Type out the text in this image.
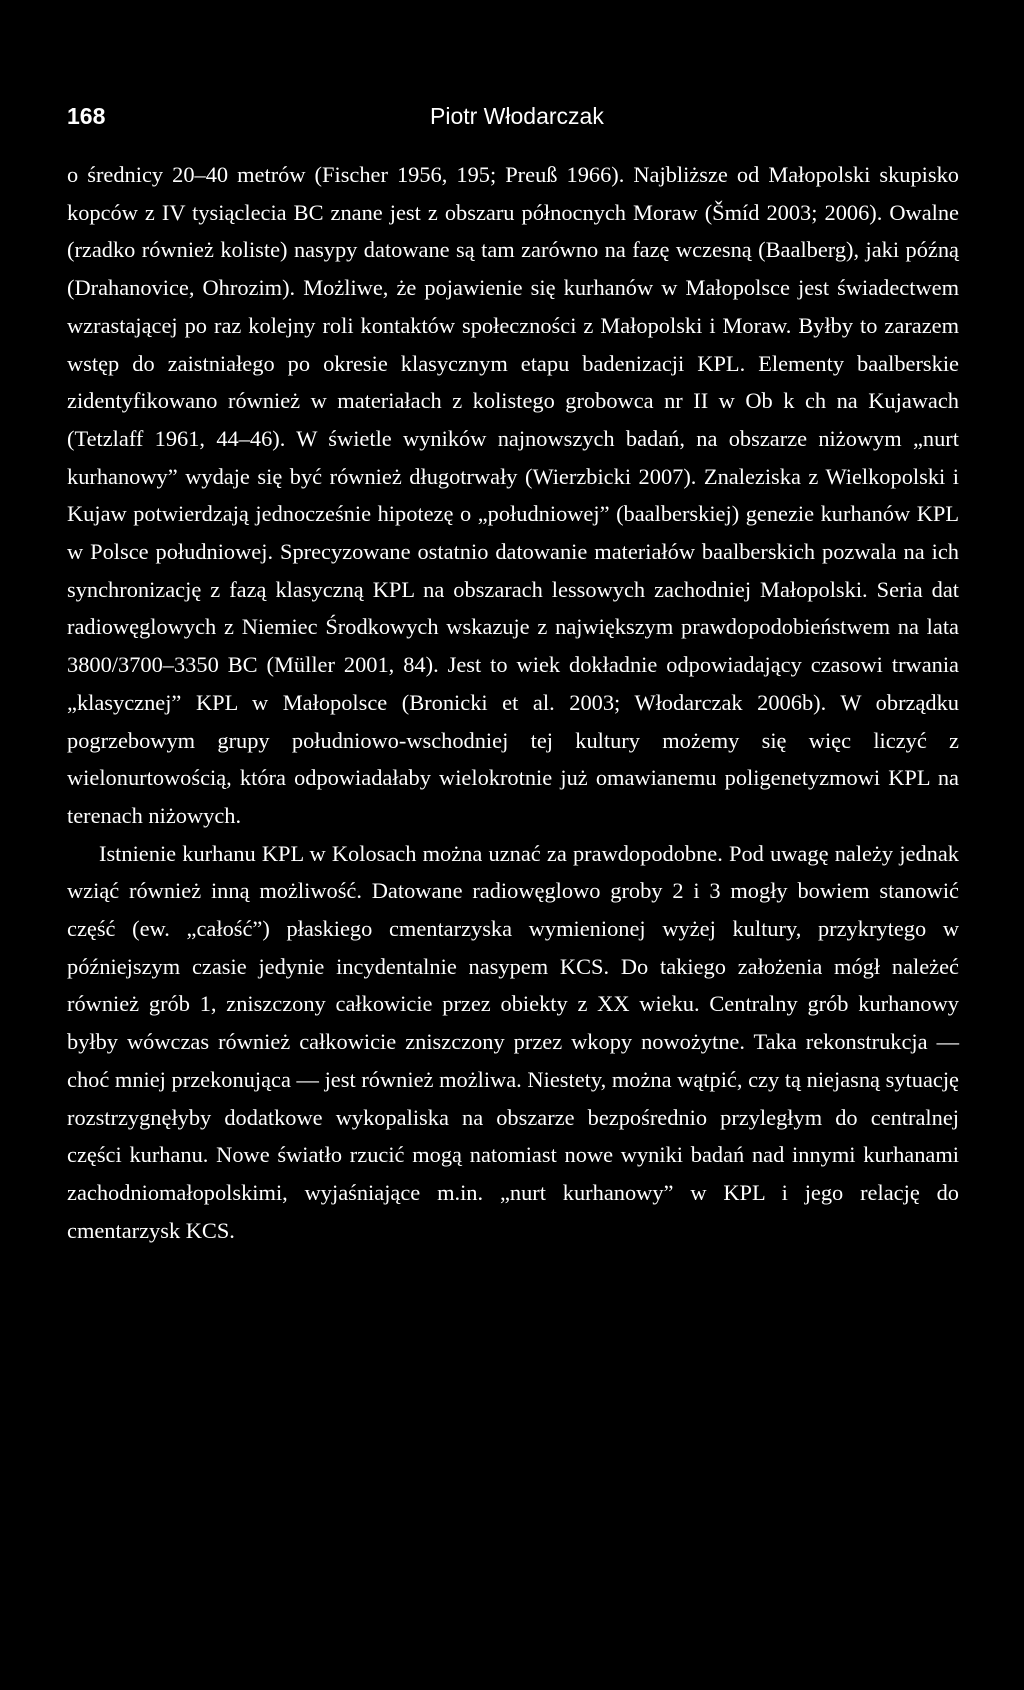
168	Piotr Włodarczak

o średnicy 20–40 metrów (Fischer 1956, 195; Preuß 1966). Najbliższe od Małopolski skupisko kopców z IV tysiąclecia BC znane jest z obszaru północnych Moraw (Šmíd 2003; 2006). Owalne (rzadko również koliste) nasypy datowane są tam zarówno na fazę wczesną (Baalberg), jaki późną (Drahanovice, Ohrozim). Możliwe, że pojawienie się kurhanów w Małopolsce jest świadectwem wzrastającej po raz kolejny roli kontaktów społeczności z Małopolski i Moraw. Byłby to zarazem wstęp do zaistniałego po okresie klasycznym etapu badenizacji KPL. Elementy baalberskie zidentyfikowano również w materiałach z kolistego grobowca nr II w Ob k ch na Kujawach (Tetzlaff 1961, 44–46). W świetle wyników najnowszych badań, na obszarze niżowym „nurt kurhanowy” wydaje się być również długotrwały (Wierzbicki 2007). Znaleziska z Wielkopolski i Kujaw potwierdzają jednocześnie hipotezę o „południowej” (baalberskiej) genezie kurhanów KPL w Polsce południowej. Sprecyzowane ostatnio datowanie materiałów baalberskich pozwala na ich synchronizację z fazą klasyczną KPL na obszarach lessowych zachodniej Małopolski. Seria dat radiowęglowych z Niemiec Środkowych wskazuje z największym prawdopodobieństwem na lata 3800/3700–3350 BC (Müller 2001, 84). Jest to wiek dokładnie odpowiadający czasowi trwania „klasycznej” KPL w Małopolsce (Bronicki et al. 2003; Włodarczak 2006b). W obrządku pogrzebowym grupy południowo-wschodniej tej kultury możemy się więc liczyć z wielonurtowością, która odpowiadałaby wielokrotnie już omawianemu poligenetyzmowi KPL na terenach niżowych.

Istnienie kurhanu KPL w Kolosach można uznać za prawdopodobne. Pod uwagę należy jednak wziąć również inną możliwość. Datowane radiowęglowo groby 2 i 3 mogły bowiem stanowić część (ew. „całość”) płaskiego cmentarzyska wymienionej wyżej kultury, przykrytego w późniejszym czasie jedynie incydentalnie nasypem KCS. Do takiego założenia mógł należeć również grób 1, zniszczony całkowicie przez obiekty z XX wieku. Centralny grób kurhanowy byłby wówczas również całkowicie zniszczony przez wkopy nowożytne. Taka rekonstrukcja — choć mniej przekonująca — jest również możliwa. Niestety, można wątpić, czy tą niejasną sytuację rozstrzygnęłyby dodatkowe wykopaliska na obszarze bezpośrednio przyległym do centralnej części kurhanu. Nowe światło rzucić mogą natomiast nowe wyniki badań nad innymi kurhanami zachodniomałopolskimi, wyjaśniające m.in. „nurt kurhanowy” w KPL i jego relację do cmentarzysk KCS.
